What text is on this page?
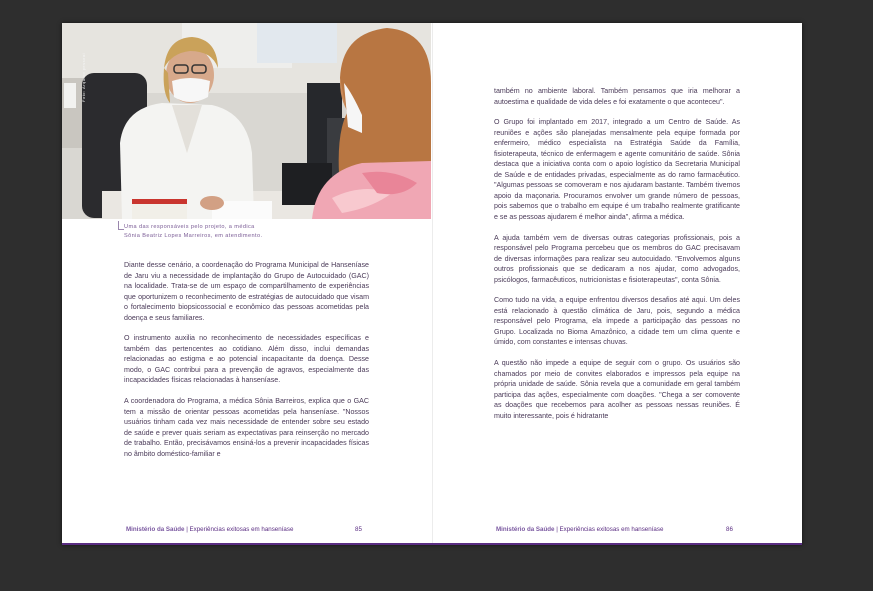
Foto: Arquivo pessoal
Uma das responsáveis pelo projeto, a médica
Sônia Beatriz Lopes Marreiros, em atendimento.

Diante desse cenário, a coordenação do Programa Municipal de Hanseníase de Jaru viu a necessidade de implantação do Grupo de Autocuidado (GAC) na localidade. Trata-se de um espaço de compartilhamento de experiências que oportunizem o reconhecimento de estratégias de autocuidado que visam o fortalecimento biopsicossocial e econômico das pessoas acometidas pela doença e seus familiares.

O instrumento auxilia no reconhecimento de necessidades específicas e também das pertencentes ao cotidiano. Além disso, inclui demandas relacionadas ao estigma e ao potencial incapacitante da doença. Desse modo, o GAC contribui para a prevenção de agravos, especialmente das incapacidades físicas relacionadas à hanseníase.

A coordenadora do Programa, a médica Sônia Barreiros, explica que o GAC tem a missão de orientar pessoas acometidas pela hanseníase. "Nossos usuários tinham cada vez mais necessidade de entender sobre seu estado de saúde e prever quais seriam as expectativas para reinserção no mercado de trabalho. Então, precisávamos ensiná-los a prevenir incapacidades físicas no âmbito doméstico-familiar e

também no ambiente laboral. Também pensamos que iria melhorar a autoestima e qualidade de vida deles e foi exatamente o que aconteceu".

O Grupo foi implantado em 2017, integrado a um Centro de Saúde. As reuniões e ações são planejadas mensalmente pela equipe formada por enfermeiro, médico especialista na Estratégia Saúde da Família, fisioterapeuta, técnico de enfermagem e agente comunitário de saúde. Sônia destaca que a iniciativa conta com o apoio logístico da Secretaria Municipal de Saúde e de entidades privadas, especialmente as do ramo farmacêutico. "Algumas pessoas se comoveram e nos ajudaram bastante. Também tivemos apoio da maçonaria. Procuramos envolver um grande número de pessoas, pois sabemos que o trabalho em equipe é um trabalho realmente gratificante e se as pessoas ajudarem é melhor ainda", afirma a médica.

A ajuda também vem de diversas outras categorias profissionais, pois a responsável pelo Programa percebeu que os membros do GAC precisavam de diversas informações para realizar seu autocuidado. "Envolvemos alguns outros profissionais que se dedicaram a nos ajudar, como advogados, psicólogos, farmacêuticos, nutricionistas e fisioterapeutas", conta Sônia.

Como tudo na vida, a equipe enfrentou diversos desafios até aqui. Um deles está relacionado à questão climática de Jaru, pois, segundo a médica responsável pelo Programa, ela impede a participação das pessoas no Grupo. Localizada no Bioma Amazônico, a cidade tem um clima quente e úmido, com constantes e intensas chuvas.

A questão não impede a equipe de seguir com o grupo. Os usuários são chamados por meio de convites elaborados e impressos pela equipe na própria unidade de saúde. Sônia revela que a comunidade em geral também participa das ações, especialmente com doações. "Chega a ser comovente as doações que recebemos para acolher as pessoas nessas reuniões. É muito interessante, pois é hidratante

Ministério da Saúde | Experiências exitosas em hanseníase	85	Ministério da Saúde | Experiências exitosas em hanseníase	86
